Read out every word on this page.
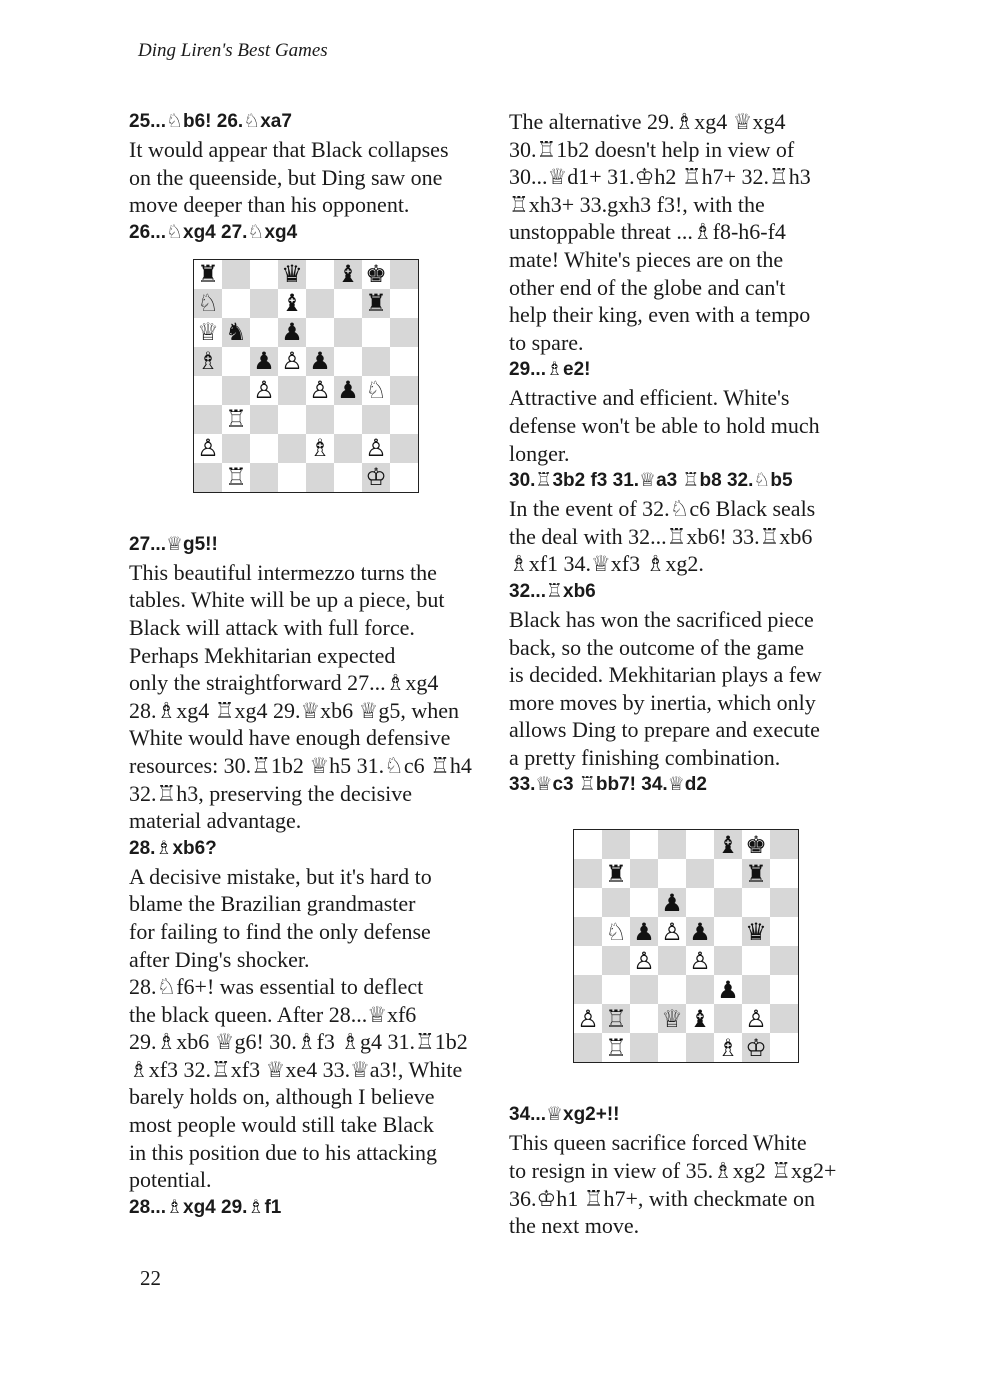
Ding Liren's Best Games

25...♘b6! 26.♘xa7

It would appear that Black collapses
on the queenside, but Ding saw one
move deeper than his opponent.

26...♘xg4 27.♘xg4

♜	♛ ♝ ♚
♘	♝	♜
♕ ♞ ♟
♗ ♟ ♙ ♟
♙ ♙ ♟ ♘
♖
♙	♗ ♙
♖	♔

27...♕g5!!

This beautiful intermezzo turns the
tables. White will be up a piece, but
Black will attack with full force.
Perhaps Mekhitarian expected
only the straightforward 27...♗xg4
28.♗xg4 ♖xg4 29.♕xb6 ♕g5, when
White would have enough defensive
resources: 30.♖1b2 ♕h5 31.♘c6 ♖h4
32.♖h3, preserving the decisive
material advantage.

28.♗xb6?

A decisive mistake, but it's hard to
blame the Brazilian grandmaster
for failing to find the only defense
after Ding's shocker.
28.♘f6+! was essential to deflect
the black queen. After 28...♕xf6
29.♗xb6 ♕g6! 30.♗f3 ♗g4 31.♖1b2
♗xf3 32.♖xf3 ♕xe4 33.♕a3!, White
barely holds on, although I believe
most people would still take Black
in this position due to his attacking
potential.

28...♗xg4 29.♗f1

The alternative 29.♗xg4 ♕xg4
30.♖1b2 doesn't help in view of
30...♕d1+ 31.♔h2 ♖h7+ 32.♖h3
♖xh3+ 33.gxh3 f3!, with the
unstoppable threat ...♗f8-h6-f4
mate! White's pieces are on the
other end of the globe and can't
help their king, even with a tempo
to spare.

29...♗e2!

Attractive and efficient. White's
defense won't be able to hold much
longer.

30.♖3b2 f3 31.♕a3 ♖b8 32.♘b5

In the event of 32.♘c6 Black seals
the deal with 32...♖xb6! 33.♖xb6
♗xf1 34.♕xf3 ♗xg2.

32...♖xb6

Black has won the sacrificed piece
back, so the outcome of the game
is decided. Mekhitarian plays a few
more moves by inertia, which only
allows Ding to prepare and execute
a pretty finishing combination.

33.♕c3 ♖bb7! 34.♕d2

♝ ♚
♜	♜
♟
♘ ♟ ♙ ♟ ♛
♙ ♙
♟
♙ ♖ ♕ ♝ ♙
♖	♗ ♔

34...♕xg2+!!

This queen sacrifice forced White
to resign in view of 35.♗xg2 ♖xg2+
36.♔h1 ♖h7+, with checkmate on
the next move.

22
